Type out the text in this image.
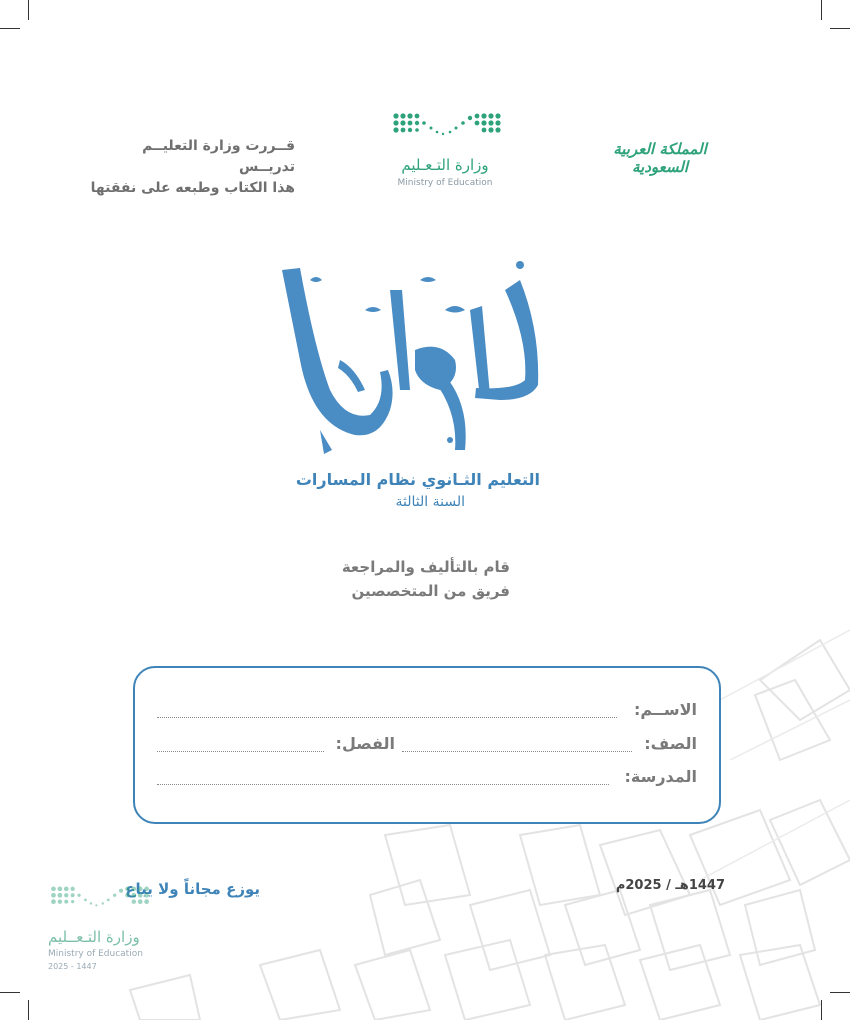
قــررت وزارة التعليــم تدريــس
هذا الكتاب وطبعه على نفقتها
وزارة التـعـليم
Ministry of Education
المملكة العربية السعودية
التعليم الثـانوي نظام المسارات
السنة الثالثة
قام بالتأليف والمراجعة
فريق من المتخصصين
الاســم:
الصف:
الفصل:
المدرسة:
1447هـ / 2025م
يوزع مجاناً ولا يباع
وزارة التـعــليم
Ministry of Education
2025 - 1447
